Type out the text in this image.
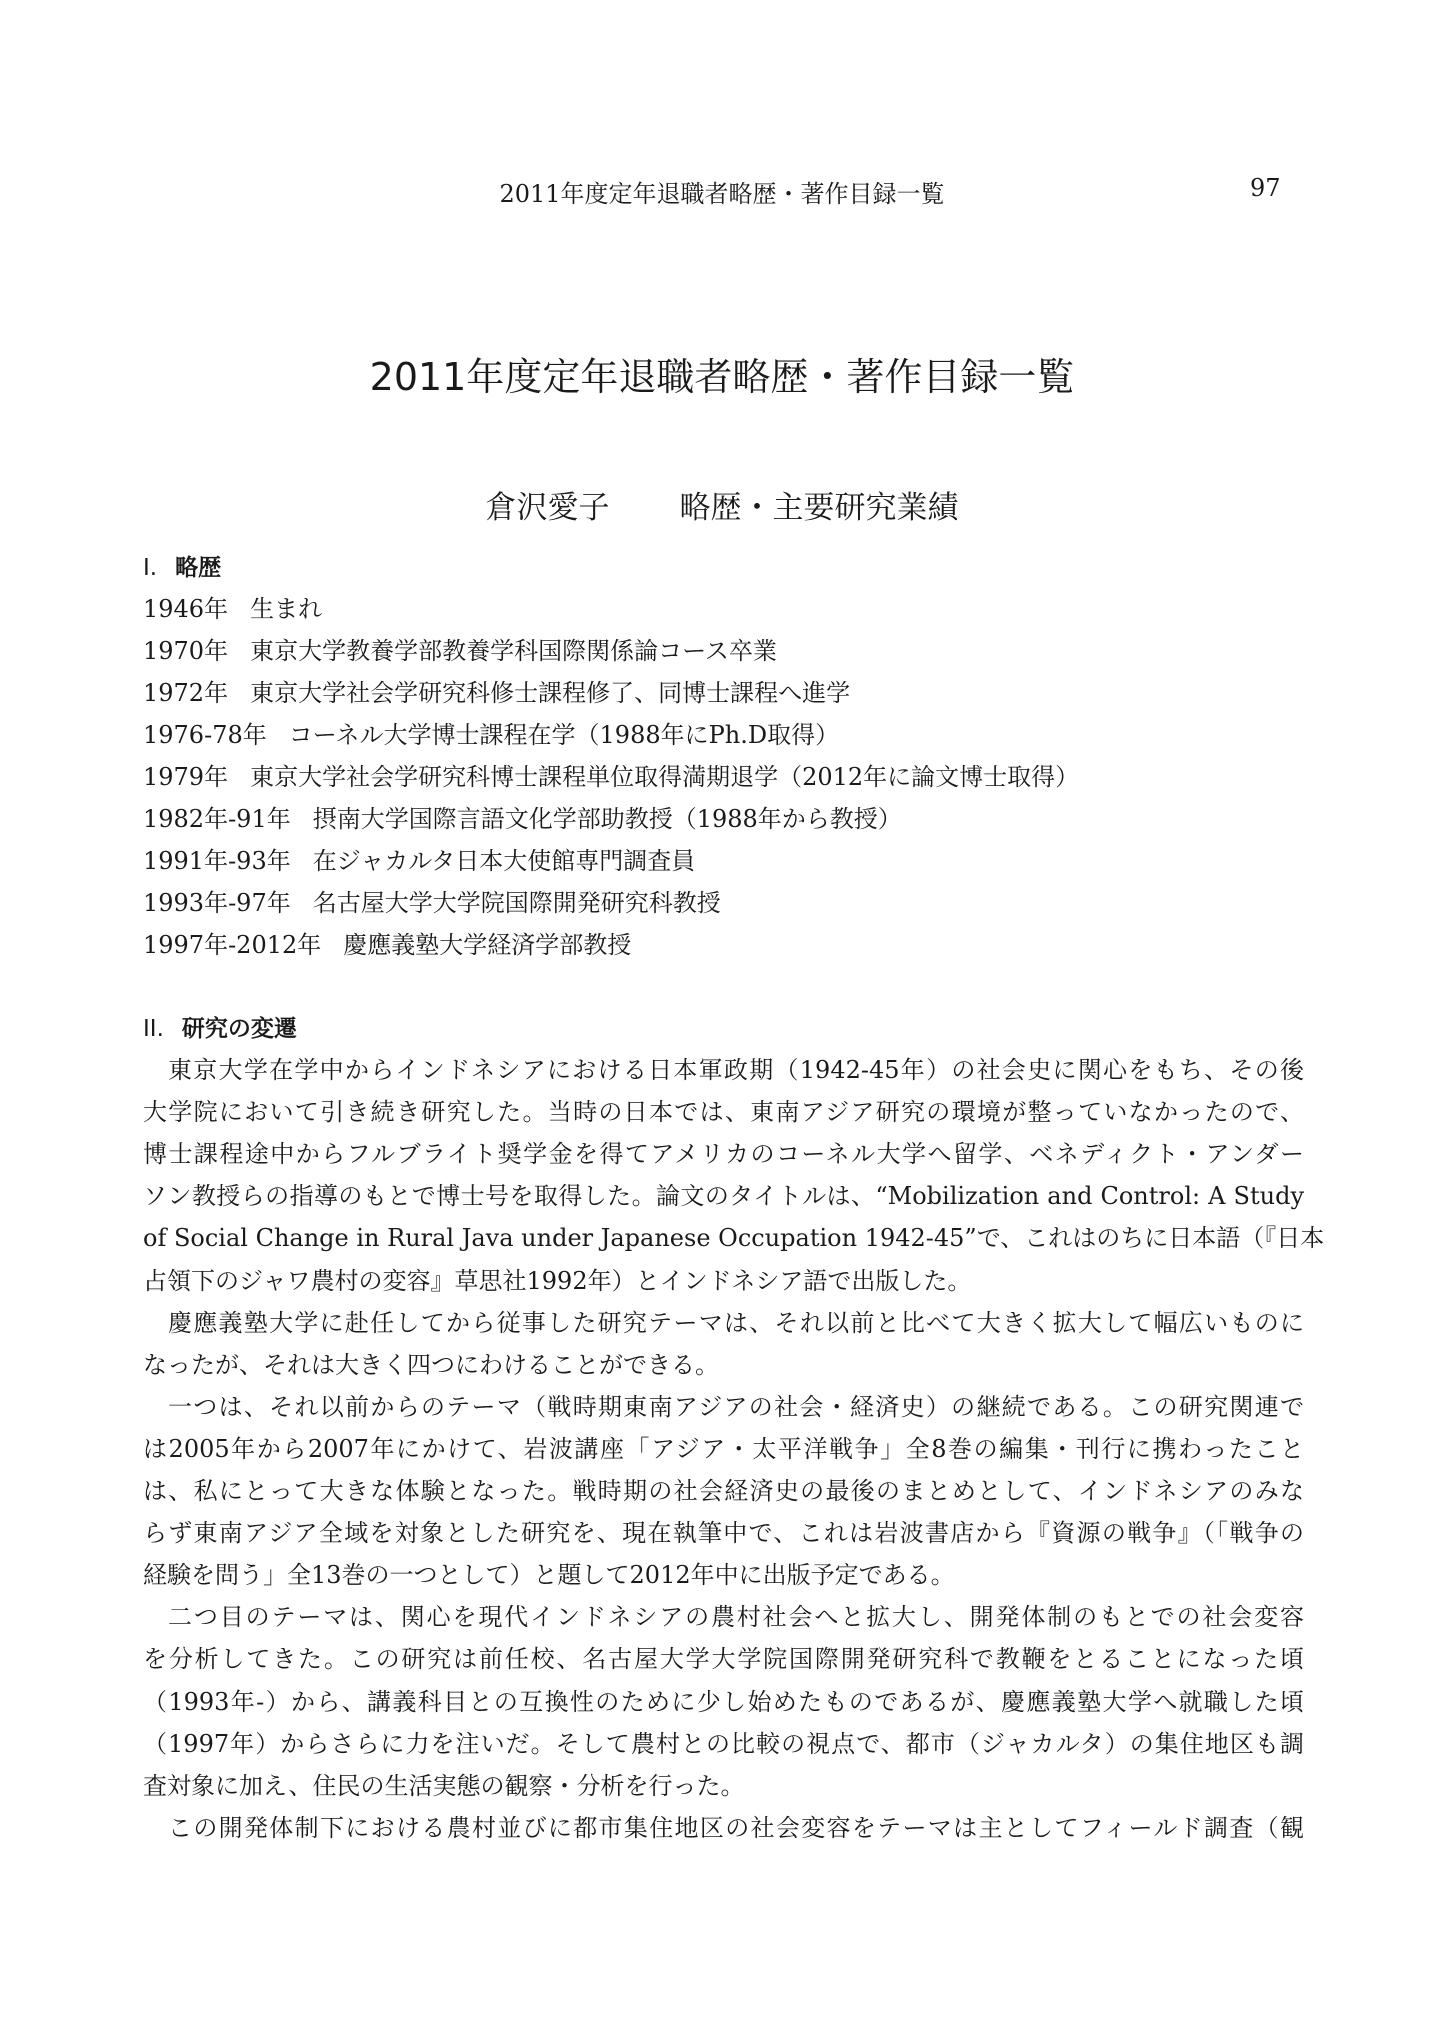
2011年度定年退職者略歴・著作目録一覧	97
2011年度定年退職者略歴・著作目録一覧
倉沢愛子 略歴・主要研究業績
I. 略歴
1946年 生まれ
1970年 東京大学教養学部教養学科国際関係論コース卒業
1972年 東京大学社会学研究科修士課程修了、同博士課程へ進学
1976-78年 コーネル大学博士課程在学（1988年にPh.D取得）
1979年 東京大学社会学研究科博士課程単位取得満期退学（2012年に論文博士取得）
1982年-91年 摂南大学国際言語文化学部助教授（1988年から教授）
1991年-93年 在ジャカルタ日本大使館専門調査員
1993年-97年 名古屋大学大学院国際開発研究科教授
1997年-2012年 慶應義塾大学経済学部教授
II. 研究の変遷
東京大学在学中からインドネシアにおける日本軍政期（1942-45年）の社会史に関心をもち、その後
大学院において引き続き研究した。当時の日本では、東南アジア研究の環境が整っていなかったので、
博士課程途中からフルブライト奨学金を得てアメリカのコーネル大学へ留学、ベネディクト・アンダー
ソン教授らの指導のもとで博士号を取得した。論文のタイトルは、“Mobilization and Control: A Study
of Social Change in Rural Java under Japanese Occupation 1942-45”で、これはのちに日本語（『日本
占領下のジャワ農村の変容』草思社1992年）とインドネシア語で出版した。
慶應義塾大学に赴任してから従事した研究テーマは、それ以前と比べて大きく拡大して幅広いものに
なったが、それは大きく四つにわけることができる。
一つは、それ以前からのテーマ（戦時期東南アジアの社会・経済史）の継続である。この研究関連で
は2005年から2007年にかけて、岩波講座「アジア・太平洋戦争」全8巻の編集・刊行に携わったこと
は、私にとって大きな体験となった。戦時期の社会経済史の最後のまとめとして、インドネシアのみな
らず東南アジア全域を対象とした研究を、現在執筆中で、これは岩波書店から『資源の戦争』（「戦争の
経験を問う」全13巻の一つとして）と題して2012年中に出版予定である。
二つ目のテーマは、関心を現代インドネシアの農村社会へと拡大し、開発体制のもとでの社会変容
を分析してきた。この研究は前任校、名古屋大学大学院国際開発研究科で教鞭をとることになった頃
（1993年-）から、講義科目との互換性のために少し始めたものであるが、慶應義塾大学へ就職した頃
（1997年）からさらに力を注いだ。そして農村との比較の視点で、都市（ジャカルタ）の集住地区も調
査対象に加え、住民の生活実態の観察・分析を行った。
この開発体制下における農村並びに都市集住地区の社会変容をテーマは主としてフィールド調査（観
